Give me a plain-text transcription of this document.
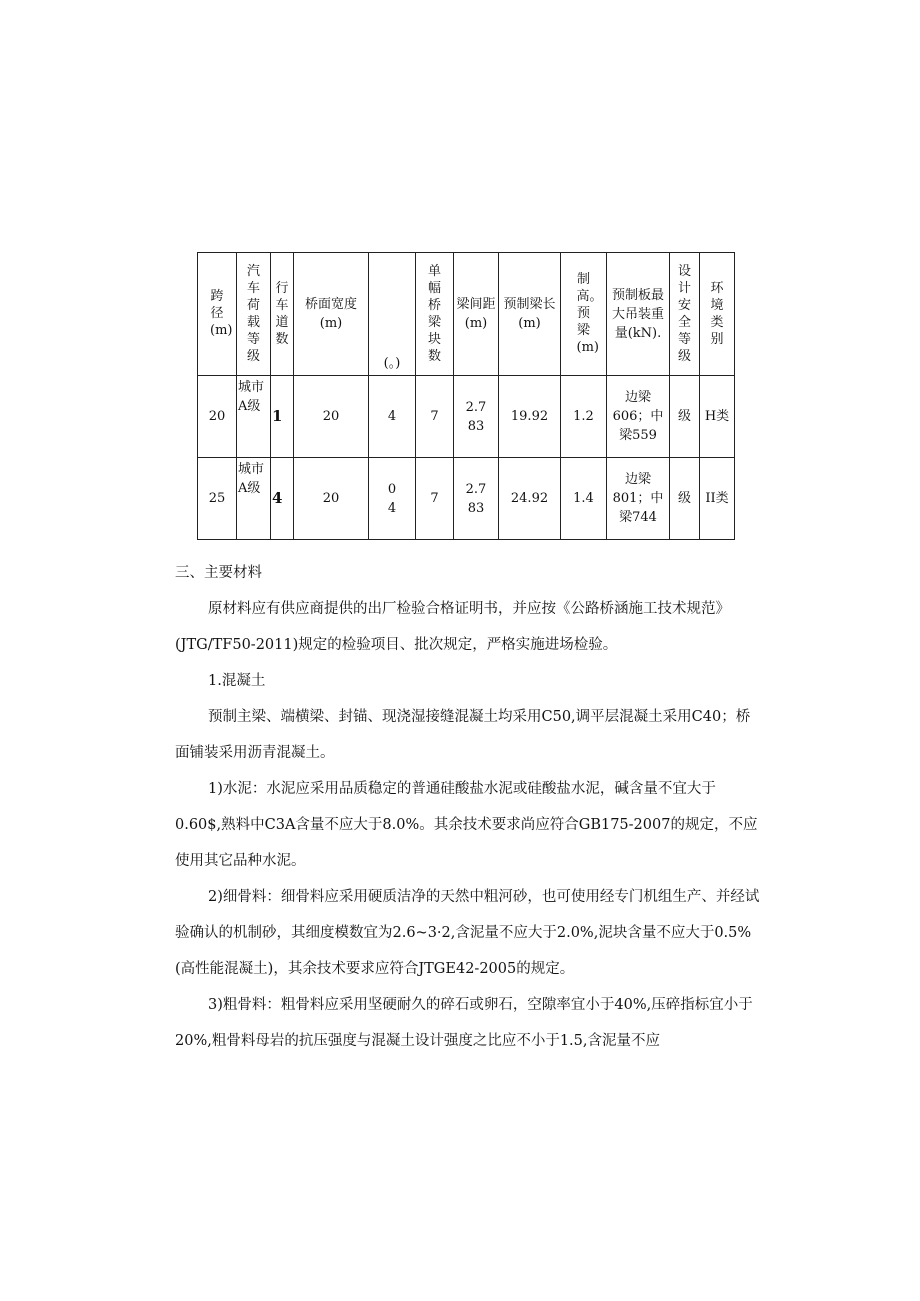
跨径(m)	汽车荷载等级	行车道数	桥面宽度(m)	(。)	单幅桥梁块数	梁间距(m)	预制梁长(m)	制高。预梁(m)	预制板最大吊装重量(kN).	设计安全等级	环境类别
20	城市A级	1	20	4	7	2.783	19.92	1.2	边梁606；中梁559	级	H类
25	城市A级	4	20	04	7	2.783	24.92	1.4	边梁801；中梁744	级	II类

三、主要材料

原材料应有供应商提供的出厂检验合格证明书，并应按《公路桥涵施工技术规范》(JTG/TF50-2011)规定的检验项目、批次规定，严格实施进场检验。

1.混凝土

预制主梁、端横梁、封锚、现浇湿接缝混凝土均采用C50,调平层混凝土采用C40；桥面铺装采用沥青混凝土。

1)水泥：水泥应采用品质稳定的普通硅酸盐水泥或硅酸盐水泥，碱含量不宜大于0.60$,熟料中C3A含量不应大于8.0%。其余技术要求尚应符合GB175-2007的规定，不应使用其它品种水泥。

2)细骨料：细骨料应采用硬质洁净的天然中粗河砂，也可使用经专门机组生产、并经试验确认的机制砂，其细度模数宜为2.6~3·2,含泥量不应大于2.0%,泥块含量不应大于0.5%(高性能混凝土)，其余技术要求应符合JTGE42-2005的规定。

3)粗骨料：粗骨料应采用坚硬耐久的碎石或卵石，空隙率宜小于40%,压碎指标宜小于20%,粗骨料母岩的抗压强度与混凝土设计强度之比应不小于1.5,含泥量不应
